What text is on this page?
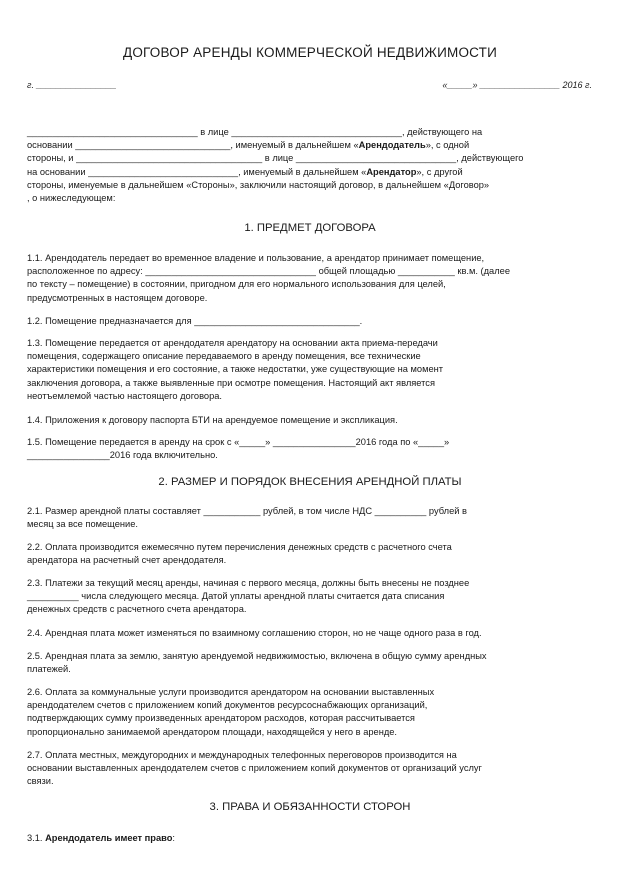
ДОГОВОР АРЕНДЫ КОММЕРЧЕСКОЙ НЕДВИЖИМОСТИ
г. ________________	«_____» ________________ 2016 г.

_________________________________ в лице _________________________________, действующего на

основании ______________________________, именуемый в дальнейшем «Арендодатель», с одной

стороны, и ____________________________________ в лице _______________________________, действующего

на основании _____________________________, именуемый в дальнейшем «Арендатор», с другой

стороны, именуемые в дальнейшем «Стороны», заключили настоящий договор, в дальнейшем «Договор»

, о нижеследующем:

1. ПРЕДМЕТ ДОГОВОРА

1.1. Арендодатель передает во временное владение и пользование, а арендатор принимает помещение,

расположенное по адресу: _________________________________ общей площадью ___________ кв.м. (далее

по тексту – помещение) в состоянии, пригодном для его нормального использования для целей,

предусмотренных в настоящем договоре.

1.2. Помещение предназначается для ________________________________.

1.3. Помещение передается от арендодателя арендатору на основании акта приема-передачи

помещения, содержащего описание передаваемого в аренду помещения, все технические

характеристики помещения и его состояние, а также недостатки, уже существующие на момент

заключения договора, а также выявленные при осмотре помещения. Настоящий акт является

неотъемлемой частью настоящего договора.

1.4. Приложения к договору паспорта БТИ на арендуемое помещение и экспликация.

1.5. Помещение передается в аренду на срок с «_____» ________________2016 года по «_____»

________________2016 года включительно.

2. РАЗМЕР И ПОРЯДОК ВНЕСЕНИЯ АРЕНДНОЙ ПЛАТЫ

2.1. Размер арендной платы составляет ___________ рублей, в том числе НДС __________ рублей в

месяц за все помещение.

2.2. Оплата производится ежемесячно путем перечисления денежных средств с расчетного счета

арендатора на расчетный счет арендодателя.

2.3. Платежи за текущий месяц аренды, начиная с первого месяца, должны быть внесены не позднее

__________ числа следующего месяца. Датой уплаты арендной платы считается дата списания

денежных средств с расчетного счета арендатора.

2.4. Арендная плата может изменяться по взаимному соглашению сторон, но не чаще одного раза в год.

2.5. Арендная плата за землю, занятую арендуемой недвижимостью, включена в общую сумму арендных

платежей.

2.6. Оплата за коммунальные услуги производится арендатором на основании выставленных

арендодателем счетов с приложением копий документов ресурсоснабжающих организаций,

подтверждающих сумму произведенных арендатором расходов, которая рассчитывается

пропорционально занимаемой арендатором площади, находящейся у него в аренде.

2.7. Оплата местных, междугородних и международных телефонных переговоров производится на

основании выставленных арендодателем счетов с приложением копий документов от организаций услуг

связи.

3. ПРАВА И ОБЯЗАННОСТИ СТОРОН

3.1. Арендодатель имеет право:
